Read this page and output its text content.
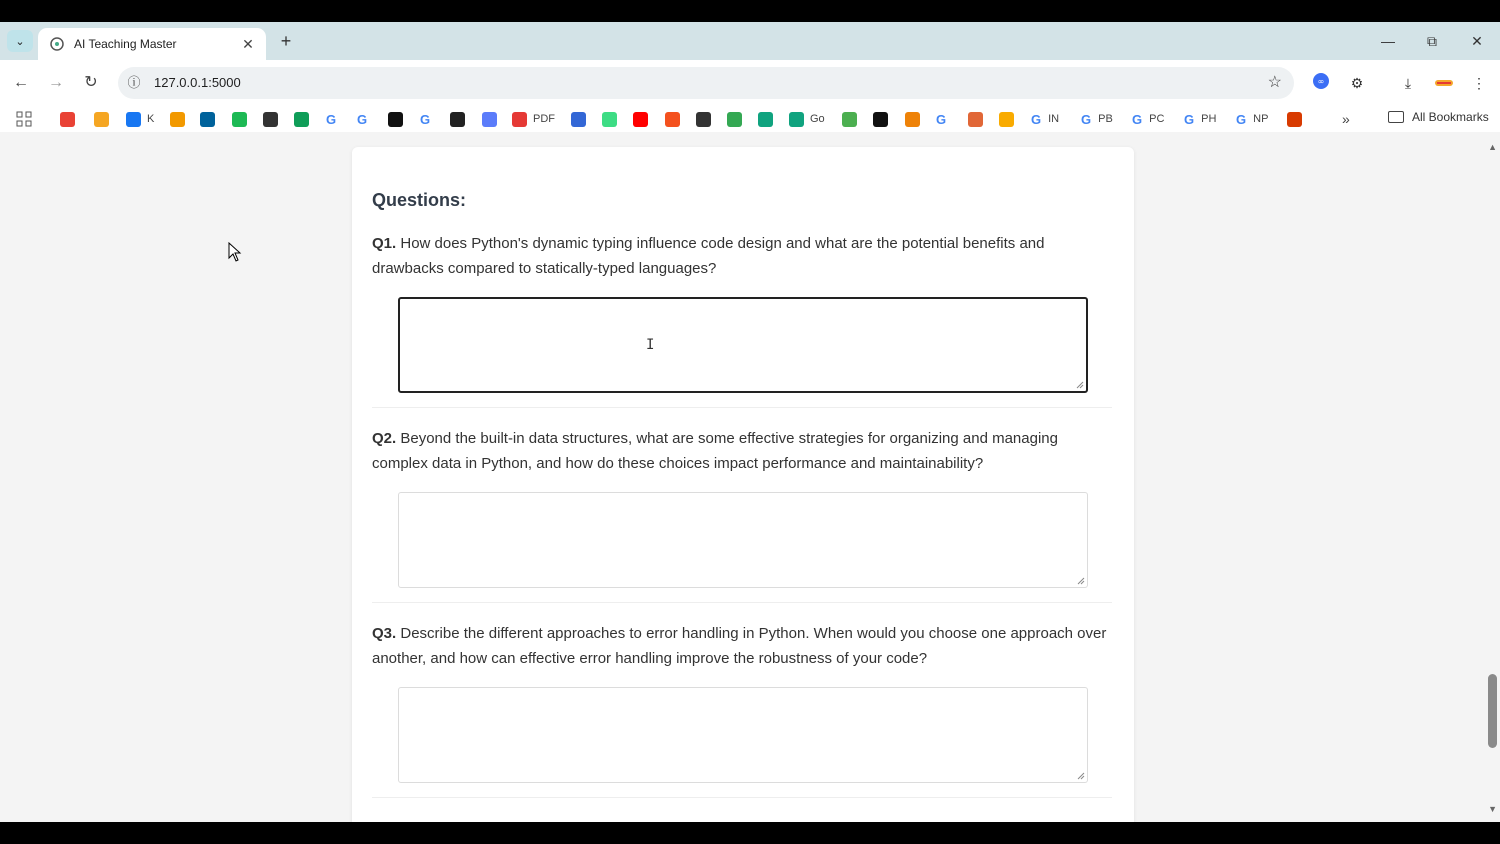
⌄	AI Teaching Master	✕ +	—	⧉	✕
← → ↻	ⓘ 127.0.0.1:5000	☆	∞	⚙	⤓	⋮
»	All Bookmarks
K	G G	G	PDF	Go	G	G IN G PB G PC G PH G NP
Questions:
Q1. How does Python's dynamic typing influence code design and what are the potential benefits and drawbacks compared to statically-typed languages?
I
Q2. Beyond the built-in data structures, what are some effective strategies for organizing and managing complex data in Python, and how do these choices impact performance and maintainability?
Q3. Describe the different approaches to error handling in Python. When would you choose one approach over another, and how can effective error handling improve the robustness of your code?
▲
▼
